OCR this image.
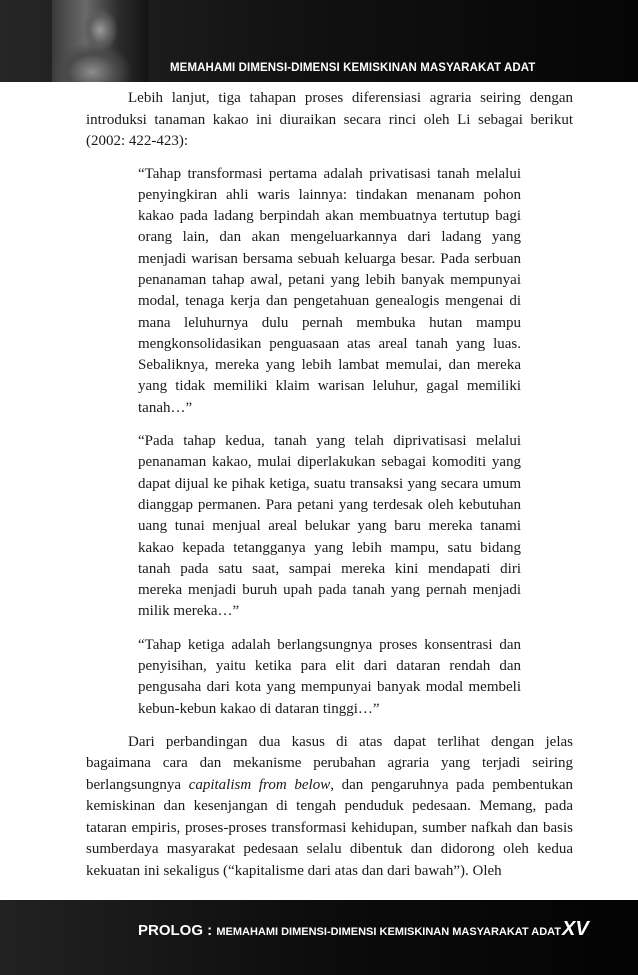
MEMAHAMI DIMENSI-DIMENSI KEMISKINAN MASYARAKAT ADAT

Lebih lanjut, tiga tahapan proses diferensiasi agraria seiring dengan introduksi tanaman kakao ini diuraikan secara rinci oleh Li sebagai berikut (2002: 422-423):

“Tahap transformasi pertama adalah privatisasi tanah melalui penyingkiran ahli waris lainnya: tindakan menanam pohon kakao pada ladang berpindah akan membuatnya tertutup bagi orang lain, dan akan mengeluarkannya dari ladang yang menjadi warisan bersama sebuah keluarga besar. Pada serbuan penanaman tahap awal, petani yang lebih banyak mempunyai modal, tenaga kerja dan pengetahuan genealogis mengenai di mana leluhurnya dulu pernah membuka hutan mampu mengkonsolidasikan penguasaan atas areal tanah yang luas. Sebaliknya, mereka yang lebih lambat memulai, dan mereka yang tidak memiliki klaim warisan leluhur, gagal memiliki tanah…”

“Pada tahap kedua, tanah yang telah diprivatisasi melalui penanaman kakao, mulai diperlakukan sebagai komoditi yang dapat dijual ke pihak ketiga, suatu transaksi yang secara umum dianggap permanen. Para petani yang terdesak oleh kebutuhan uang tunai menjual areal belukar yang baru mereka tanami kakao kepada tetangganya yang lebih mampu, satu bidang tanah pada satu saat, sampai mereka kini mendapati diri mereka menjadi buruh upah pada tanah yang pernah menjadi milik mereka…”

“Tahap ketiga adalah berlangsungnya proses konsentrasi dan penyisihan, yaitu ketika para elit dari dataran rendah dan pengusaha dari kota yang mempunyai banyak modal membeli kebun-kebun kakao di dataran tinggi…”

Dari perbandingan dua kasus di atas dapat terlihat dengan jelas bagaimana cara dan mekanisme perubahan agraria yang terjadi seiring berlangsungnya capitalism from below, dan pengaruhnya pada pembentukan kemiskinan dan kesenjangan di tengah penduduk pedesaan. Memang, pada tataran empiris, proses-proses transformasi kehidupan, sumber nafkah dan basis sumberdaya masyarakat pedesaan selalu dibentuk dan didorong oleh kedua kekuatan ini sekaligus (“kapitalisme dari atas dan dari bawah”). Oleh

PROLOG : MEMAHAMI DIMENSI-DIMENSI KEMISKINAN MASYARAKAT ADAT XV
